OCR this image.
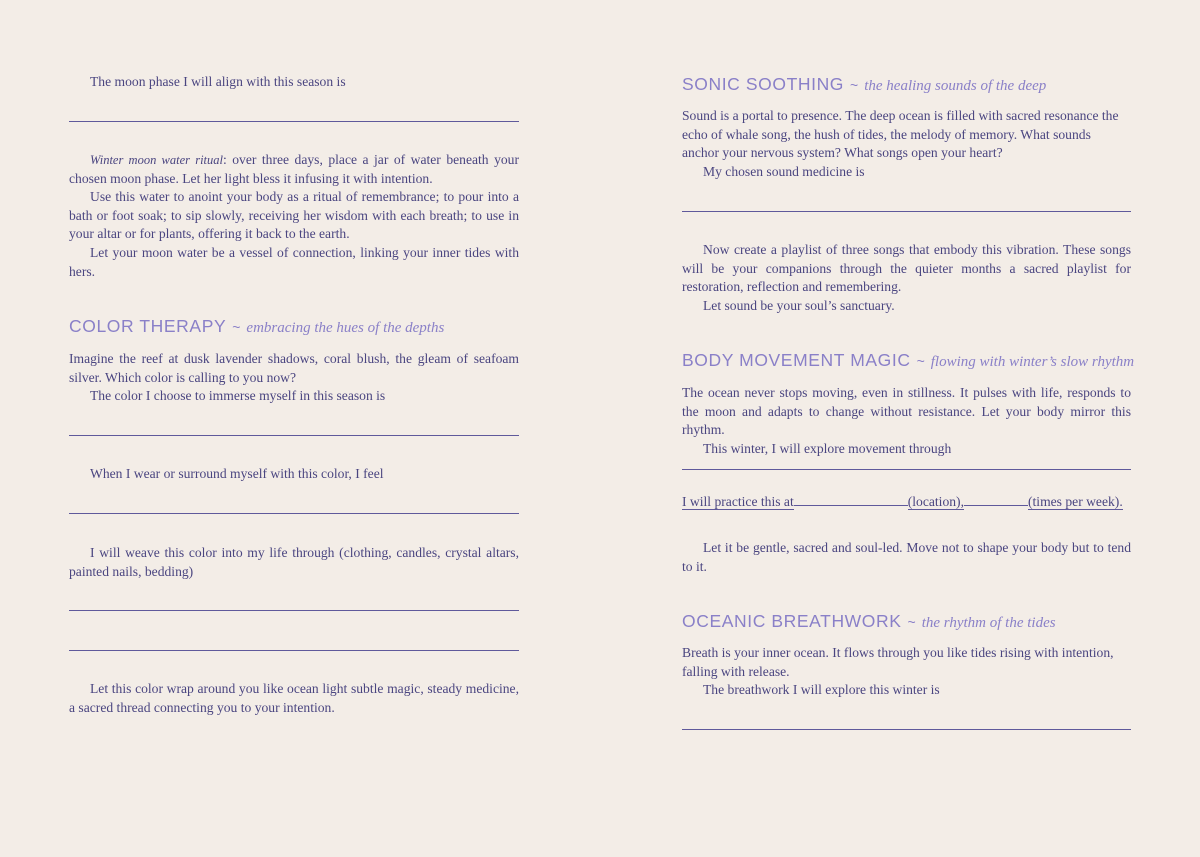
The moon phase I will align with this season is
Winter moon water ritual: over three days, place a jar of water beneath your chosen moon phase. Let her light bless it infusing it with intention.
Use this water to anoint your body as a ritual of remembrance; to pour into a bath or foot soak; to sip slowly, receiving her wisdom with each breath; to use in your altar or for plants, offering it back to the earth.
Let your moon water be a vessel of connection, linking your inner tides with hers.
COLOR THERAPY ~ embracing the hues of the depths
Imagine the reef at dusk lavender shadows, coral blush, the gleam of seafoam silver. Which color is calling to you now?
The color I choose to immerse myself in this season is
When I wear or surround myself with this color, I feel
I will weave this color into my life through (clothing, candles, crystal altars, painted nails, bedding)
Let this color wrap around you like ocean light subtle magic, steady medicine, a sacred thread connecting you to your intention.
SONIC SOOTHING ~ the healing sounds of the deep
Sound is a portal to presence. The deep ocean is filled with sacred resonance the echo of whale song, the hush of tides, the melody of memory. What sounds anchor your nervous system? What songs open your heart?
My chosen sound medicine is
Now create a playlist of three songs that embody this vibration. These songs will be your companions through the quieter months a sacred playlist for restoration, reflection and remembering.
Let sound be your soul’s sanctuary.
BODY MOVEMENT MAGIC ~ flowing with winter’s slow rhythm
The ocean never stops moving, even in stillness. It pulses with life, responds to the moon and adapts to change without resistance. Let your body mirror this rhythm.
This winter, I will explore movement through
I will practice this at	(location),	(times per week).
Let it be gentle, sacred and soul-led. Move not to shape your body but to tend to it.
OCEANIC BREATHWORK ~ the rhythm of the tides
Breath is your inner ocean. It flows through you like tides rising with intention, falling with release.
The breathwork I will explore this winter is
